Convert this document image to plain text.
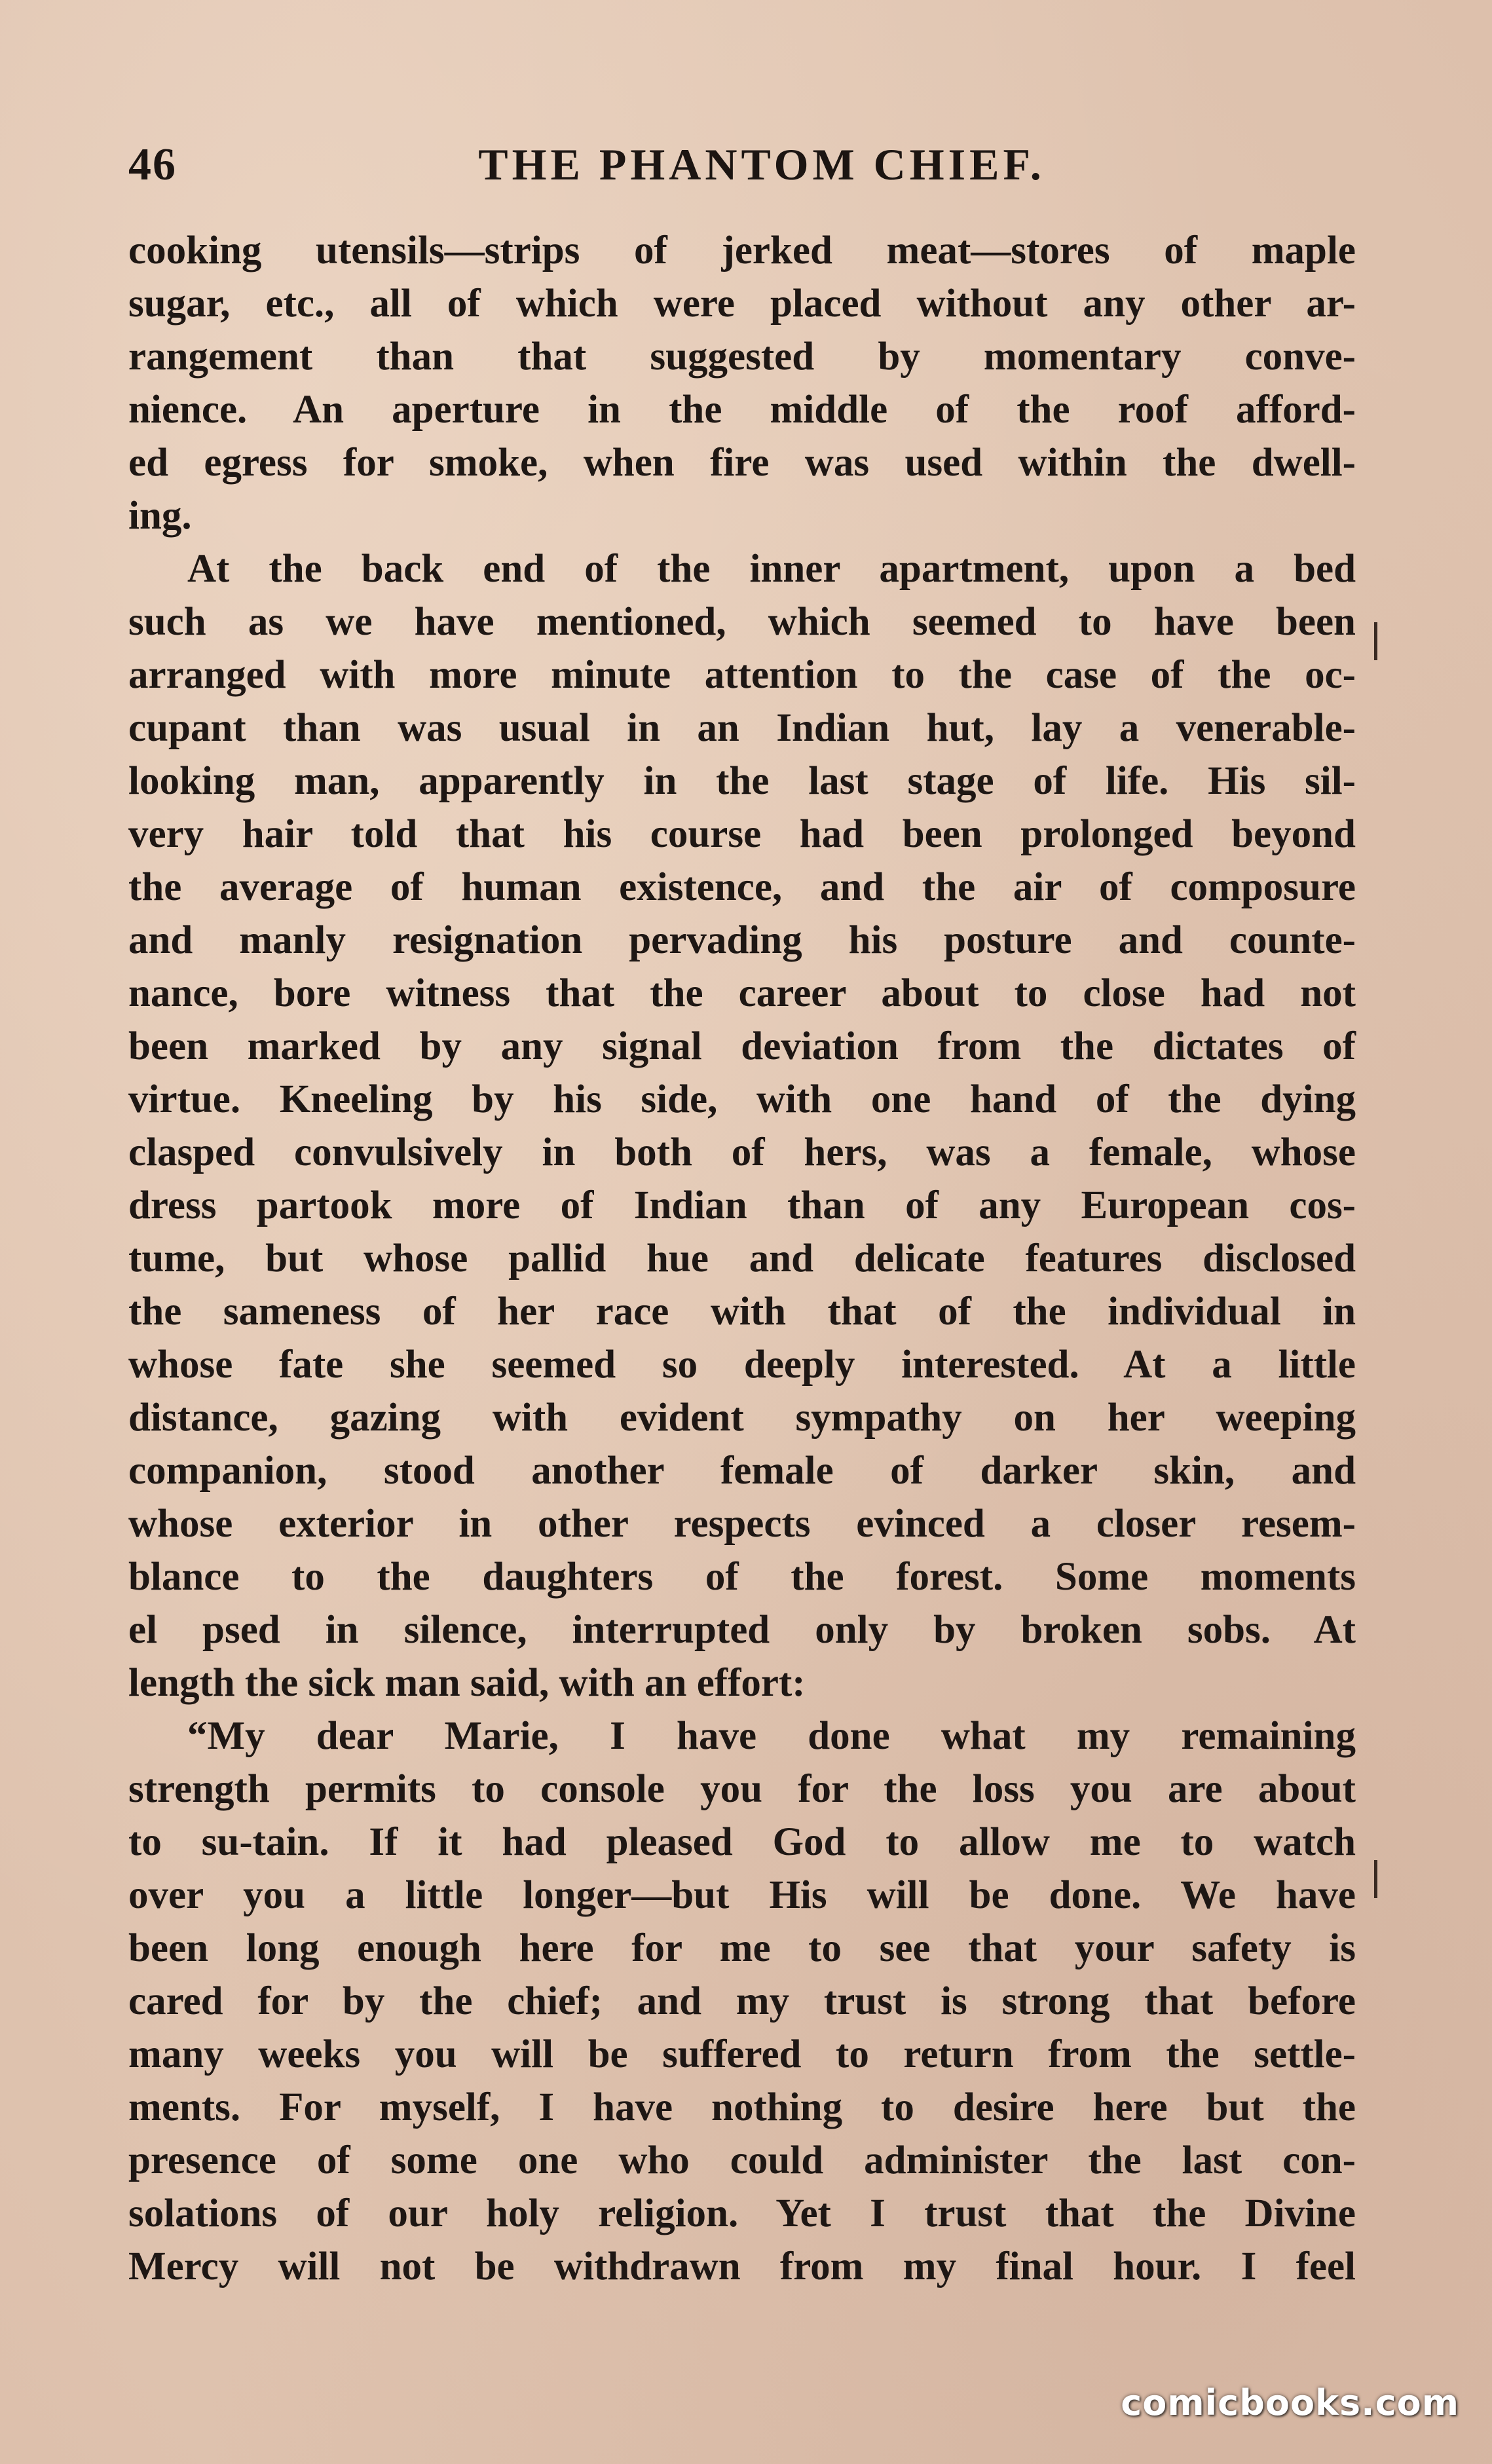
46	THE PHANTOM CHIEF.
cooking utensils—strips of jerked meat—stores of maple
sugar, etc., all of which were placed without any other ar-
rangement than that suggested by momentary conve-
nience. An aperture in the middle of the roof afford-
ed egress for smoke, when fire was used within the dwell-
ing.
At the back end of the inner apartment, upon a bed
such as we have mentioned, which seemed to have been
arranged with more minute attention to the case of the oc-
cupant than was usual in an Indian hut, lay a venerable-
looking man, apparently in the last stage of life. His sil-
very hair told that his course had been prolonged beyond
the average of human existence, and the air of composure
and manly resignation pervading his posture and counte-
nance, bore witness that the career about to close had not
been marked by any signal deviation from the dictates of
virtue. Kneeling by his side, with one hand of the dying
clasped convulsively in both of hers, was a female, whose
dress partook more of Indian than of any European cos-
tume, but whose pallid hue and delicate features disclosed
the sameness of her race with that of the individual in
whose fate she seemed so deeply interested. At a little
distance, gazing with evident sympathy on her weeping
companion, stood another female of darker skin, and
whose exterior in other respects evinced a closer resem-
blance to the daughters of the forest. Some moments
el psed in silence, interrupted only by broken sobs. At
length the sick man said, with an effort:
“My dear Marie, I have done what my remaining
strength permits to console you for the loss you are about
to su-tain. If it had pleased God to allow me to watch
over you a little longer—but His will be done. We have
been long enough here for me to see that your safety is
cared for by the chief; and my trust is strong that before
many weeks you will be suffered to return from the settle-
ments. For myself, I have nothing to desire here but the
presence of some one who could administer the last con-
solations of our holy religion. Yet I trust that the Divine
Mercy will not be withdrawn from my final hour. I feel
comicbooks.com
